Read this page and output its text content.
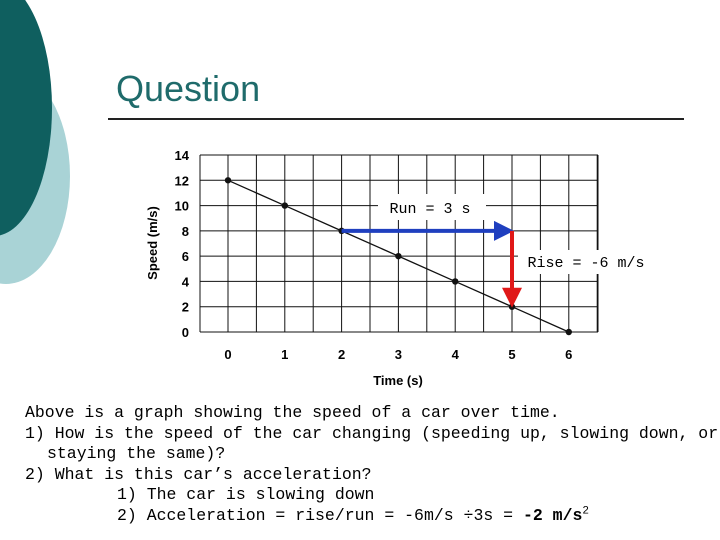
Question
0
2
4
6
8
10
12
14
0	1	2	3	4	5	6
Time (s)
Speed (m/s)	Run = 3 s
Rise = -6 m/s
Above is a graph showing the speed of a car over time.
1) How is the speed of the car changing (speeding up, slowing down, or
staying the same)?
2) What is this car’s acceleration?
1) The car is slowing down
2) Acceleration = rise/run = -6m/s ÷3s = -2 $m/s^2$
